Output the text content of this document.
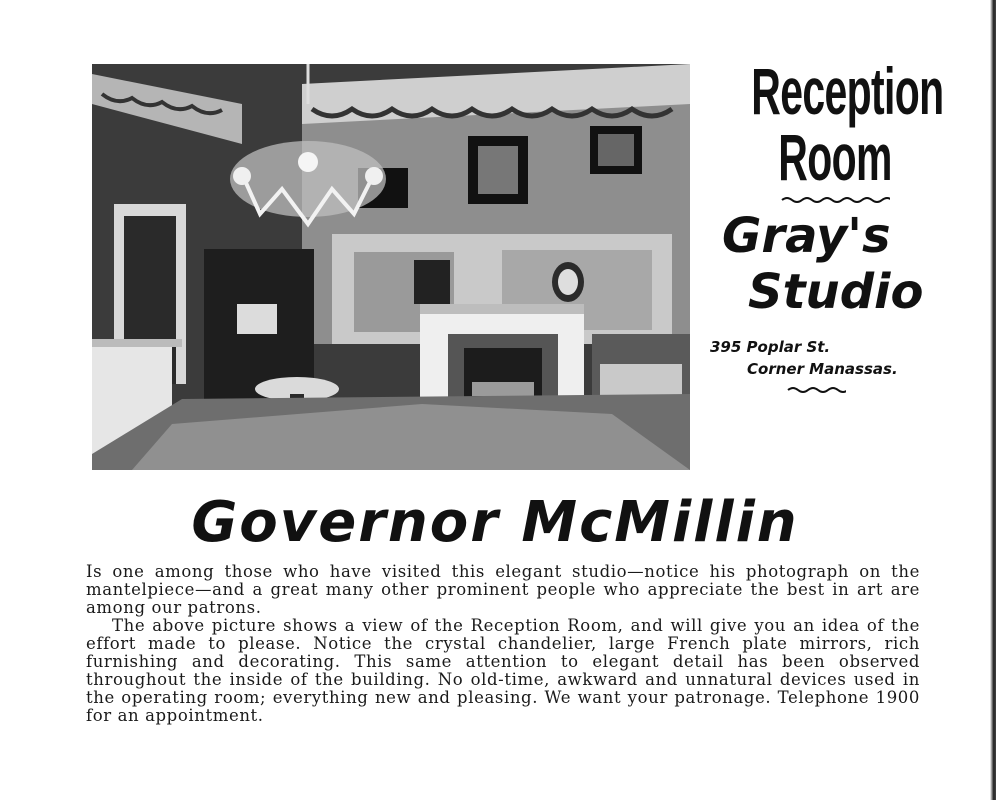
Reception
Room
Gray's
Studio
395 Poplar St.
Corner Manassas.
Governor McMillin

Is one among those who have visited this elegant studio—notice his photograph on the mantelpiece—and a great many other prominent people who appreciate the best in art are among our patrons.

The above picture shows a view of the Reception Room, and will give you an idea of the effort made to please. Notice the crystal chandelier, large French plate mirrors, rich furnishing and decorating. This same attention to elegant detail has been observed throughout the inside of the building. No old-time, awkward and unnatural devices used in the operating room; everything new and pleasing. We want your patronage. Telephone 1900 for an appointment.
